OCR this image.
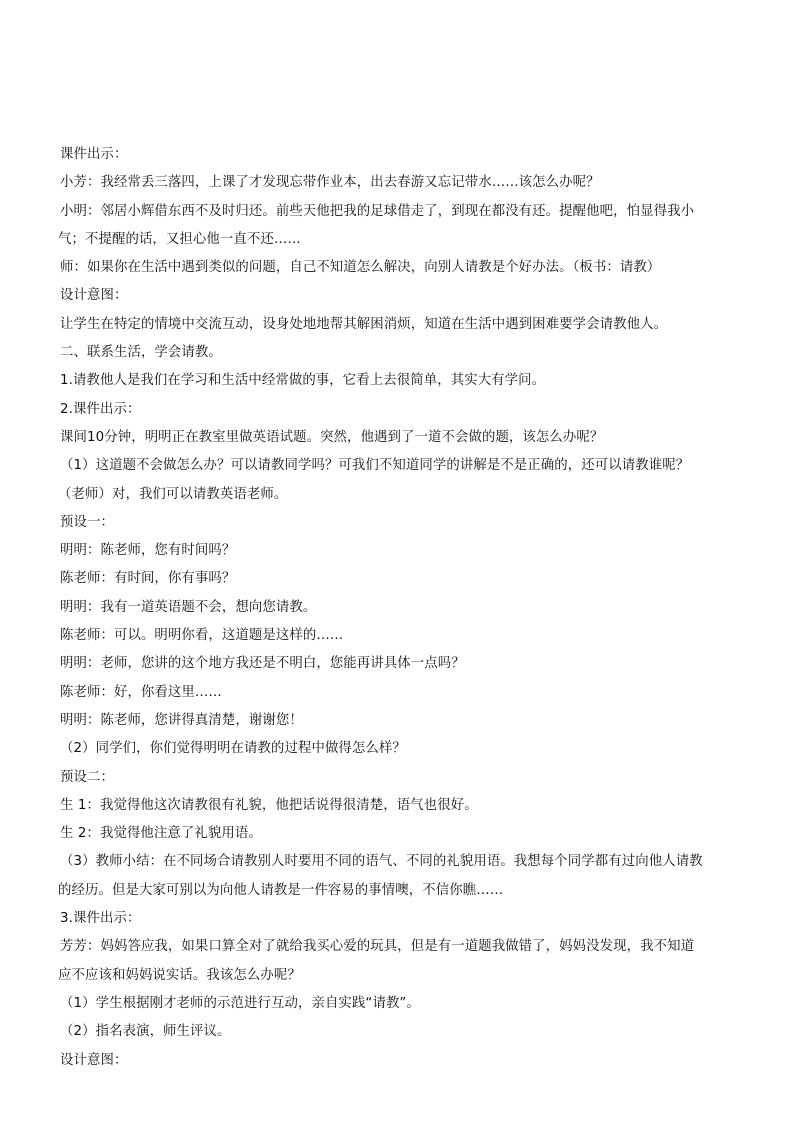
课件出示：

小芳：我经常丢三落四，上课了才发现忘带作业本，出去春游又忘记带水……该怎么办呢？

小明：邻居小辉借东西不及时归还。前些天他把我的足球借走了，到现在都没有还。提醒他吧，怕显得我小

气；不提醒的话，又担心他一直不还……

师：如果你在生活中遇到类似的问题，自己不知道怎么解决，向别人请教是个好办法。（板书：请教）

设计意图：

让学生在特定的情境中交流互动，设身处地地帮其解困消烦，知道在生活中遇到困难要学会请教他人。

二、联系生活，学会请教。

1.请教他人是我们在学习和生活中经常做的事，它看上去很简单，其实大有学问。

2.课件出示：

课间10分钟，明明正在教室里做英语试题。突然，他遇到了一道不会做的题，该怎么办呢？

（1）这道题不会做怎么办？可以请教同学吗？可我们不知道同学的讲解是不是正确的，还可以请教谁呢？

（老师）对，我们可以请教英语老师。

预设一：

明明：陈老师，您有时间吗？

陈老师：有时间，你有事吗？

明明：我有一道英语题不会，想向您请教。

陈老师：可以。明明你看，这道题是这样的……

明明：老师，您讲的这个地方我还是不明白，您能再讲具体一点吗？

陈老师：好，你看这里……

明明：陈老师，您讲得真清楚，谢谢您！

（2）同学们，你们觉得明明在请教的过程中做得怎么样？

预设二：

生 1：我觉得他这次请教很有礼貌，他把话说得很清楚，语气也很好。

生 2：我觉得他注意了礼貌用语。

（3）教师小结：在不同场合请教别人时要用不同的语气、不同的礼貌用语。我想每个同学都有过向他人请教

的经历。但是大家可别以为向他人请教是一件容易的事情噢，不信你瞧……

3.课件出示：

芳芳：妈妈答应我，如果口算全对了就给我买心爱的玩具，但是有一道题我做错了，妈妈没发现，我不知道

应不应该和妈妈说实话。我该怎么办呢？

（1）学生根据刚才老师的示范进行互动，亲自实践“请教”。

（2）指名表演，师生评议。

设计意图：
